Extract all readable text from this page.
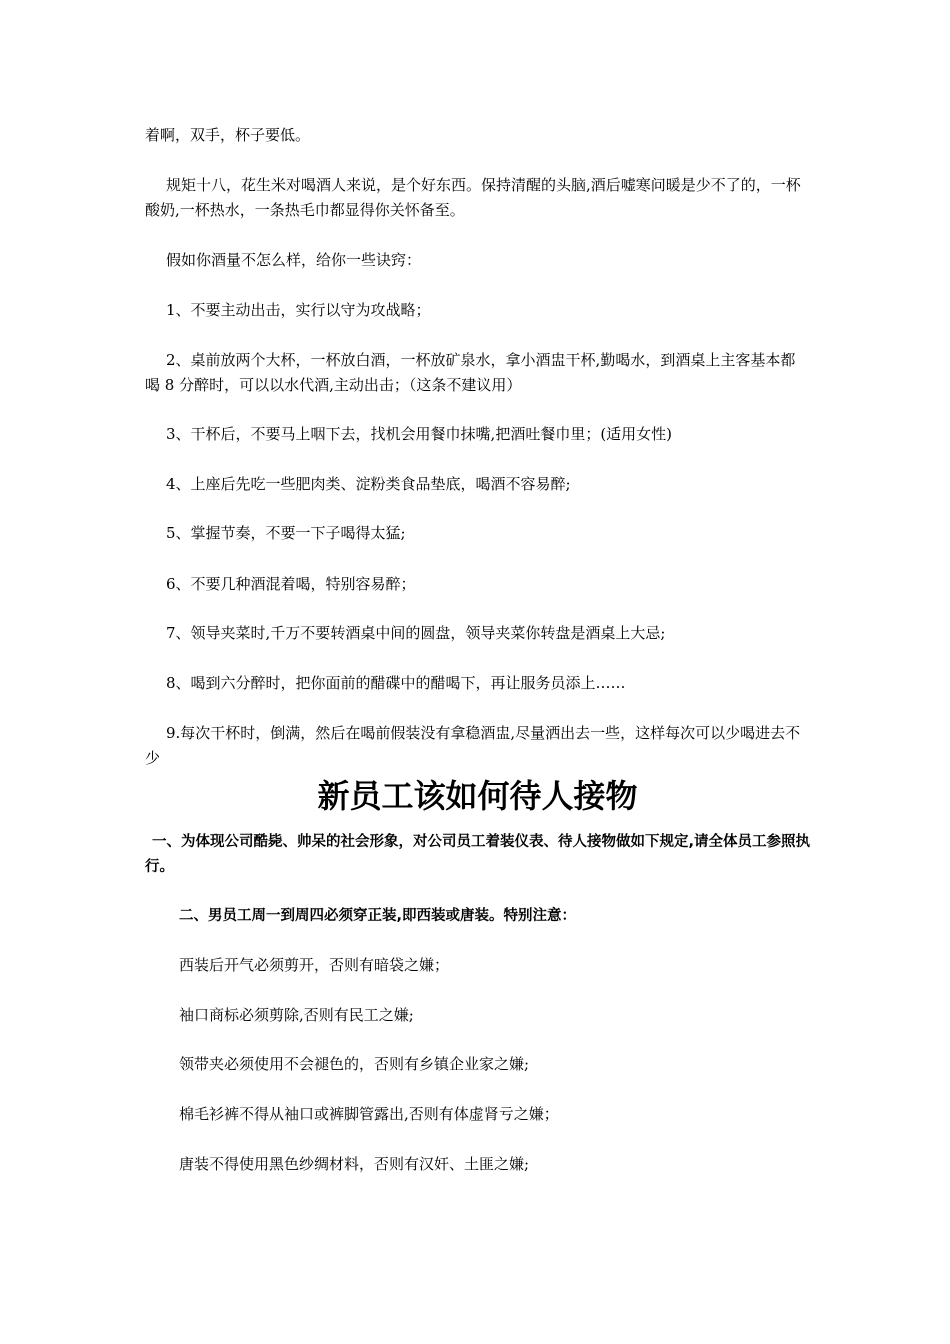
着啊，双手，杯子要低。

规矩十八，花生米对喝酒人来说，是个好东西。保持清醒的头脑,酒后嘘寒问暖是少不了的，一杯酸奶,一杯热水，一条热毛巾都显得你关怀备至。

假如你酒量不怎么样，给你一些诀窍：

1、不要主动出击，实行以守为攻战略；

2、桌前放两个大杯，一杯放白酒，一杯放矿泉水，拿小酒盅干杯,勤喝水，到酒桌上主客基本都喝 8 分醉时，可以以水代酒,主动出击；（这条不建议用）

3、干杯后，不要马上咽下去，找机会用餐巾抹嘴,把酒吐餐巾里；(适用女性)

4、上座后先吃一些肥肉类、淀粉类食品垫底，喝酒不容易醉;

5、掌握节奏，不要一下子喝得太猛;

6、不要几种酒混着喝，特别容易醉；

7、领导夹菜时,千万不要转酒桌中间的圆盘，领导夹菜你转盘是酒桌上大忌;

8、喝到六分醉时，把你面前的醋碟中的醋喝下，再让服务员添上……

9.每次干杯时，倒满，然后在喝前假装没有拿稳酒盅,尽量洒出去一些，这样每次可以少喝进去不少

新员工该如何待人接物

一、为体现公司酷毙、帅呆的社会形象，对公司员工着装仪表、待人接物做如下规定,请全体员工参照执行。

二、男员工周一到周四必须穿正装,即西装或唐装。特别注意：

西装后开气必须剪开，否则有暗袋之嫌；

袖口商标必须剪除,否则有民工之嫌;

领带夹必须使用不会褪色的，否则有乡镇企业家之嫌;

棉毛衫裤不得从袖口或裤脚管露出,否则有体虚肾亏之嫌；

唐装不得使用黑色纱绸材料，否则有汉奸、土匪之嫌;
